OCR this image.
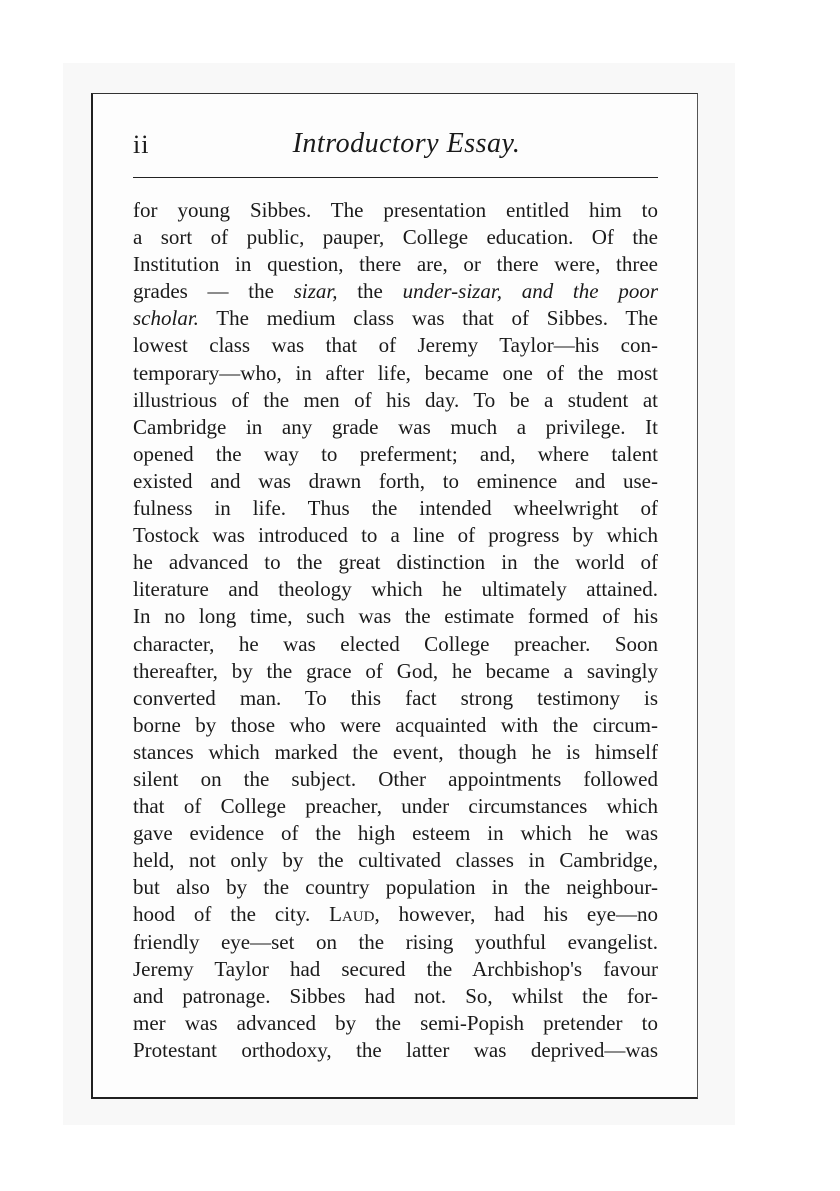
ii	Introductory Essay.
for young Sibbes. The presentation entitled him to
a sort of public, pauper, College education. Of the
Institution in question, there are, or there were, three
grades — the sizar, the under-sizar, and the poor
scholar. The medium class was that of Sibbes. The
lowest class was that of Jeremy Taylor—his con-
temporary—who, in after life, became one of the most
illustrious of the men of his day. To be a student at
Cambridge in any grade was much a privilege. It
opened the way to preferment; and, where talent
existed and was drawn forth, to eminence and use-
fulness in life. Thus the intended wheelwright of
Tostock was introduced to a line of progress by which
he advanced to the great distinction in the world of
literature and theology which he ultimately attained.
In no long time, such was the estimate formed of his
character, he was elected College preacher. Soon
thereafter, by the grace of God, he became a savingly
converted man. To this fact strong testimony is
borne by those who were acquainted with the circum-
stances which marked the event, though he is himself
silent on the subject. Other appointments followed
that of College preacher, under circumstances which
gave evidence of the high esteem in which he was
held, not only by the cultivated classes in Cambridge,
but also by the country population in the neighbour-
hood of the city. Laud, however, had his eye—no
friendly eye—set on the rising youthful evangelist.
Jeremy Taylor had secured the Archbishop's favour
and patronage. Sibbes had not. So, whilst the for-
mer was advanced by the semi-Popish pretender to
Protestant orthodoxy, the latter was deprived—was
